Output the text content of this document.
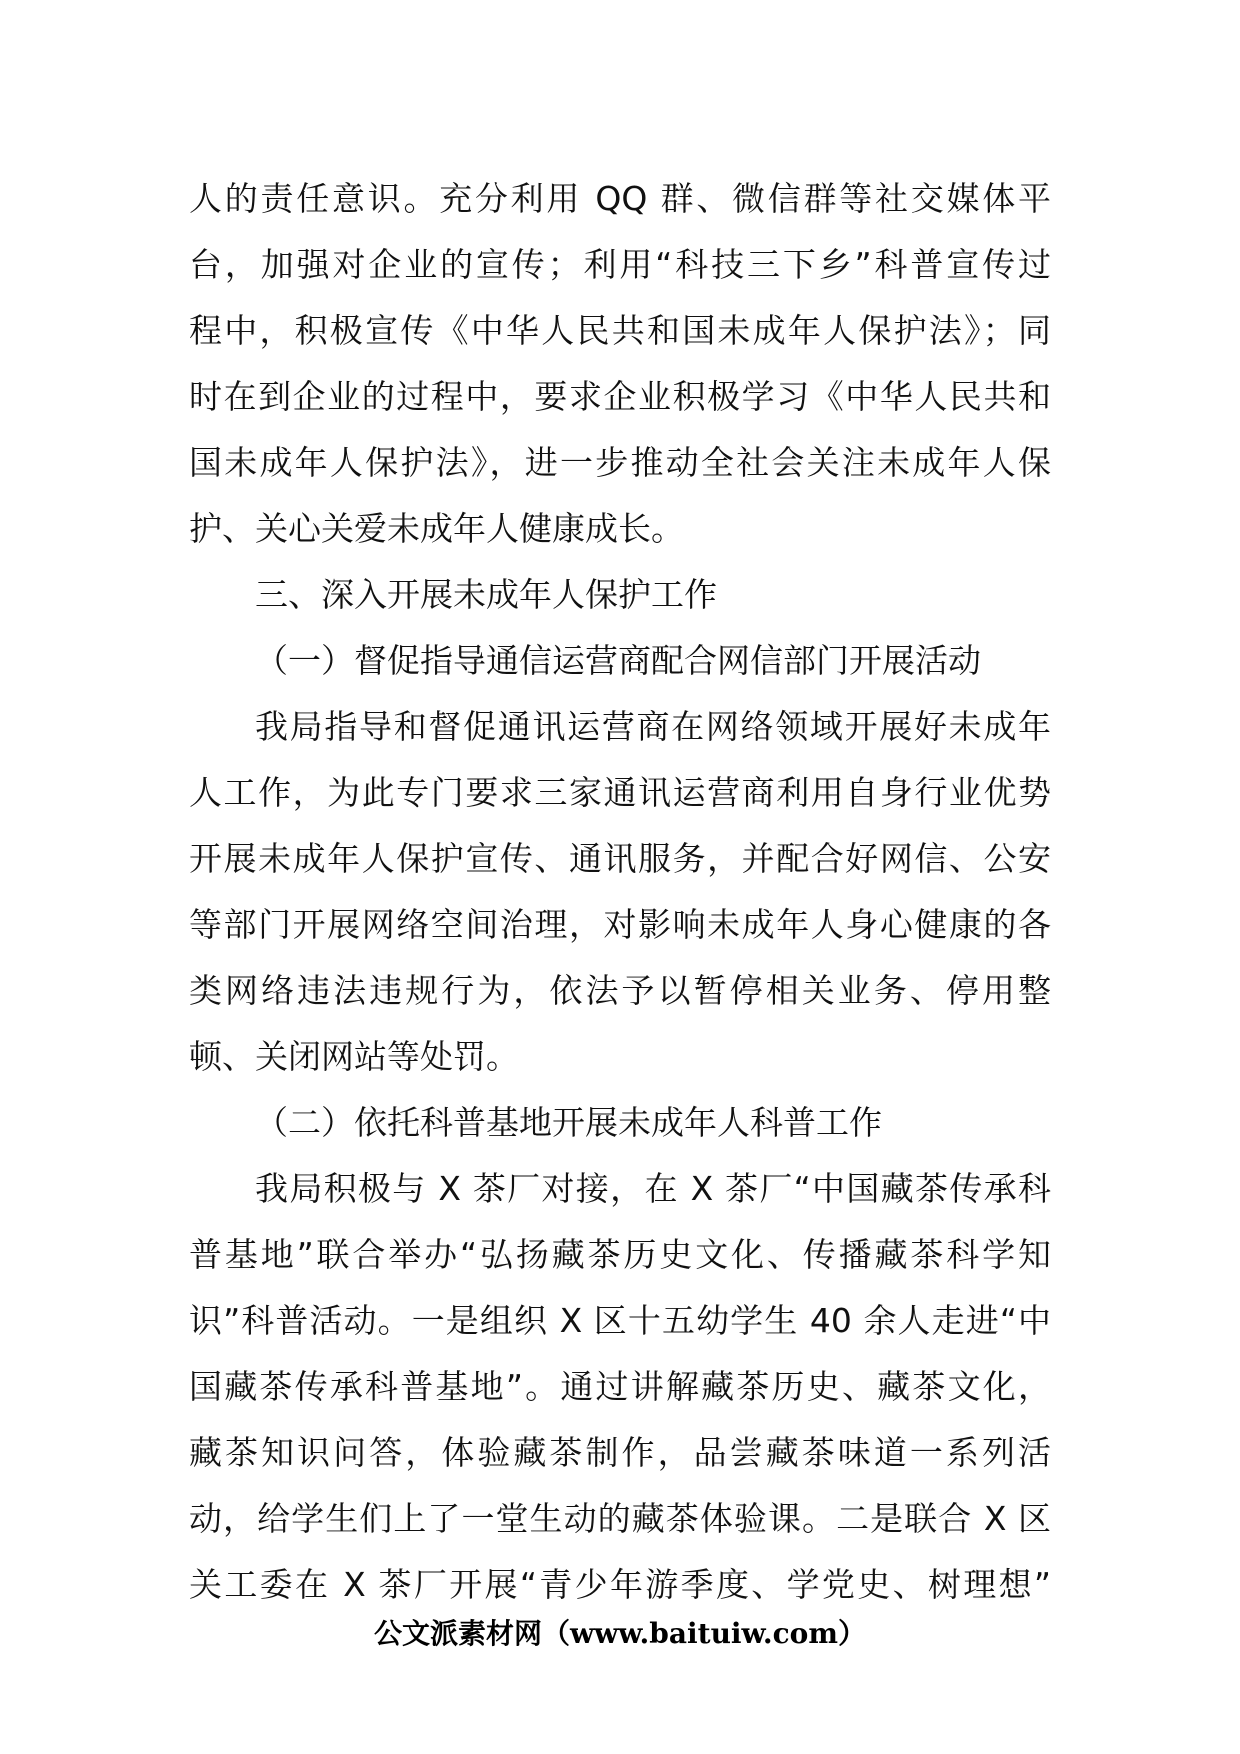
人的责任意识。充分利用 QQ 群、微信群等社交媒体平
台，加强对企业的宣传；利用“科技三下乡”科普宣传过
程中，积极宣传《中华人民共和国未成年人保护法》；同
时在到企业的过程中，要求企业积极学习《中华人民共和
国未成年人保护法》，进一步推动全社会关注未成年人保
护、关心关爱未成年人健康成长。
三、深入开展未成年人保护工作
（一）督促指导通信运营商配合网信部门开展活动
我局指导和督促通讯运营商在网络领域开展好未成年
人工作，为此专门要求三家通讯运营商利用自身行业优势
开展未成年人保护宣传、通讯服务，并配合好网信、公安
等部门开展网络空间治理，对影响未成年人身心健康的各
类网络违法违规行为，依法予以暂停相关业务、停用整
顿、关闭网站等处罚。
（二）依托科普基地开展未成年人科普工作
我局积极与 X 茶厂对接，在 X 茶厂“中国藏茶传承科
普基地”联合举办“弘扬藏茶历史文化、传播藏茶科学知
识”科普活动。一是组织 X 区十五幼学生 40 余人走进“中
国藏茶传承科普基地”。通过讲解藏茶历史、藏茶文化，
藏茶知识问答，体验藏茶制作，品尝藏茶味道一系列活
动，给学生们上了一堂生动的藏茶体验课。二是联合 X 区
关工委在 X 茶厂开展“青少年游季度、学党史、树理想”
公文派素材网（www.baituiw.com）
